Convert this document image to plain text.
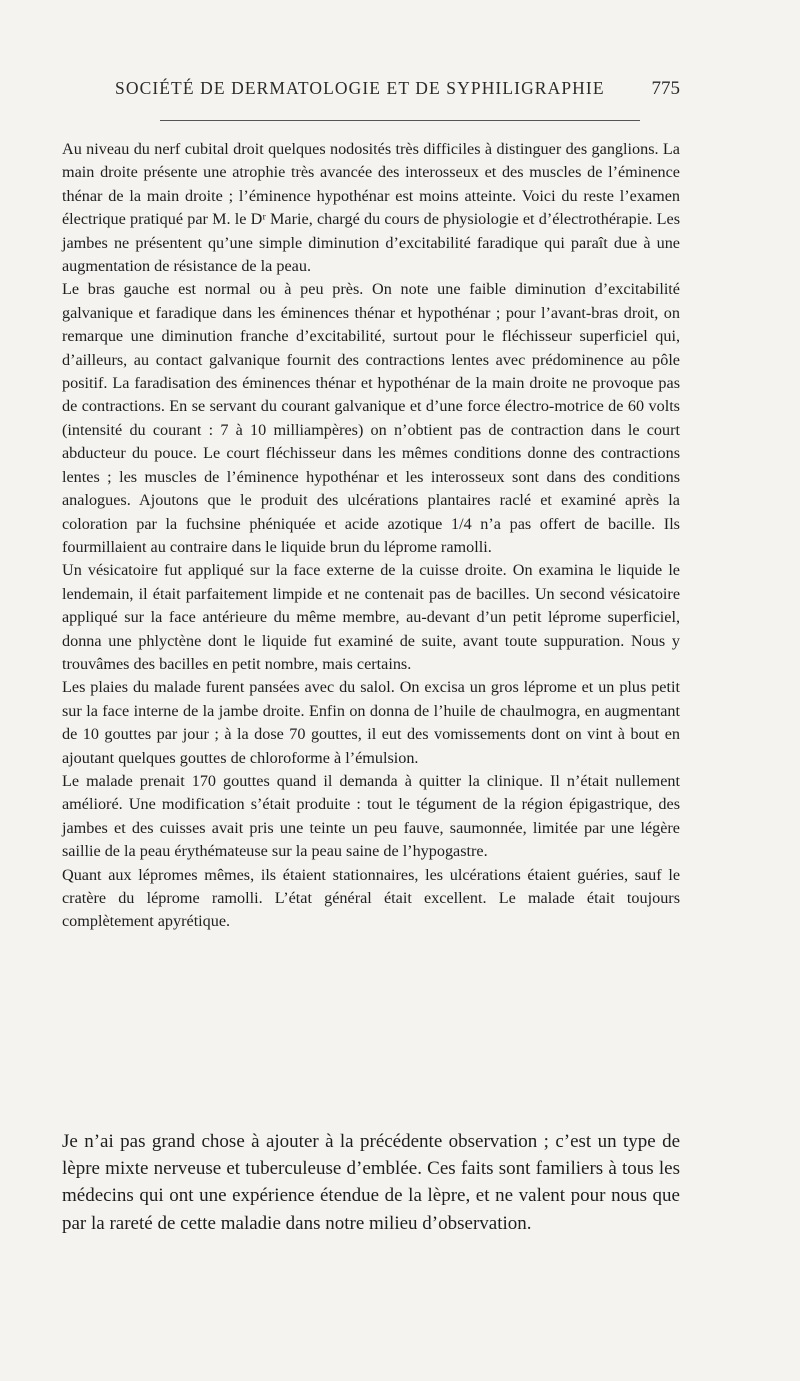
SOCIÉTÉ DE DERMATOLOGIE ET DE SYPHILIGRAPHIE 775

Au niveau du nerf cubital droit quelques nodosités très difficiles à distinguer des ganglions. La main droite présente une atrophie très avancée des interosseux et des muscles de l’éminence thénar de la main droite ; l’éminence hypothénar est moins atteinte. Voici du reste l’examen électrique pratiqué par M. le Dʳ Marie, chargé du cours de physiologie et d’électrothérapie. Les jambes ne présentent qu’une simple diminution d’excitabilité faradique qui paraît due à une augmentation de résistance de la peau.

Le bras gauche est normal ou à peu près. On note une faible diminution d’excitabilité galvanique et faradique dans les éminences thénar et hypothénar ; pour l’avant-bras droit, on remarque une diminution franche d’excitabilité, surtout pour le fléchisseur superficiel qui, d’ailleurs, au contact galvanique fournit des contractions lentes avec prédominence au pôle positif. La faradisation des éminences thénar et hypothénar de la main droite ne provoque pas de contractions. En se servant du courant galvanique et d’une force électro-motrice de 60 volts (intensité du courant : 7 à 10 milliampères) on n’obtient pas de contraction dans le court abducteur du pouce. Le court fléchisseur dans les mêmes conditions donne des contractions lentes ; les muscles de l’éminence hypothénar et les interosseux sont dans des conditions analogues. Ajoutons que le produit des ulcérations plantaires raclé et examiné après la coloration par la fuchsine phéniquée et acide azotique 1/4 n’a pas offert de bacille. Ils fourmillaient au contraire dans le liquide brun du lépromе ramolli.

Un vésicatoire fut appliqué sur la face externe de la cuisse droite. On examina le liquide le lendemain, il était parfaitement limpide et ne contenait pas de bacilles. Un second vésicatoire appliqué sur la face antérieure du même membre, au-devant d’un petit léprome superficiel, donna une phlyctène dont le liquide fut examiné de suite, avant toute suppuration. Nous y trouvâmes des bacilles en petit nombre, mais certains.

Les plaies du malade furent pansées avec du salol. On excisa un gros léprome et un plus petit sur la face interne de la jambe droite. Enfin on donna de l’huile de chaulmogra, en augmentant de 10 gouttes par jour ; à la dose 70 gouttes, il eut des vomissements dont on vint à bout en ajoutant quelques gouttes de chloroforme à l’émulsion.

Le malade prenait 170 gouttes quand il demanda à quitter la clinique. Il n’était nullement amélioré. Une modification s’était produite : tout le tégument de la région épigastrique, des jambes et des cuisses avait pris une teinte un peu fauve, saumonnée, limitée par une légère saillie de la peau érythémateuse sur la peau saine de l’hypogastre.

Quant aux lépromes mêmes, ils étaient stationnaires, les ulcérations étaient guéries, sauf le cratère du léprome ramolli. L’état général était excellent. Le malade était toujours complètement apyrétique.

Je n’ai pas grand chose à ajouter à la précédente observation ; c’est un type de lèpre mixte nerveuse et tuberculeuse d’emblée. Ces faits sont familiers à tous les médecins qui ont une expérience étendue de la lèpre, et ne valent pour nous que par la rareté de cette maladie dans notre milieu d’observation.
